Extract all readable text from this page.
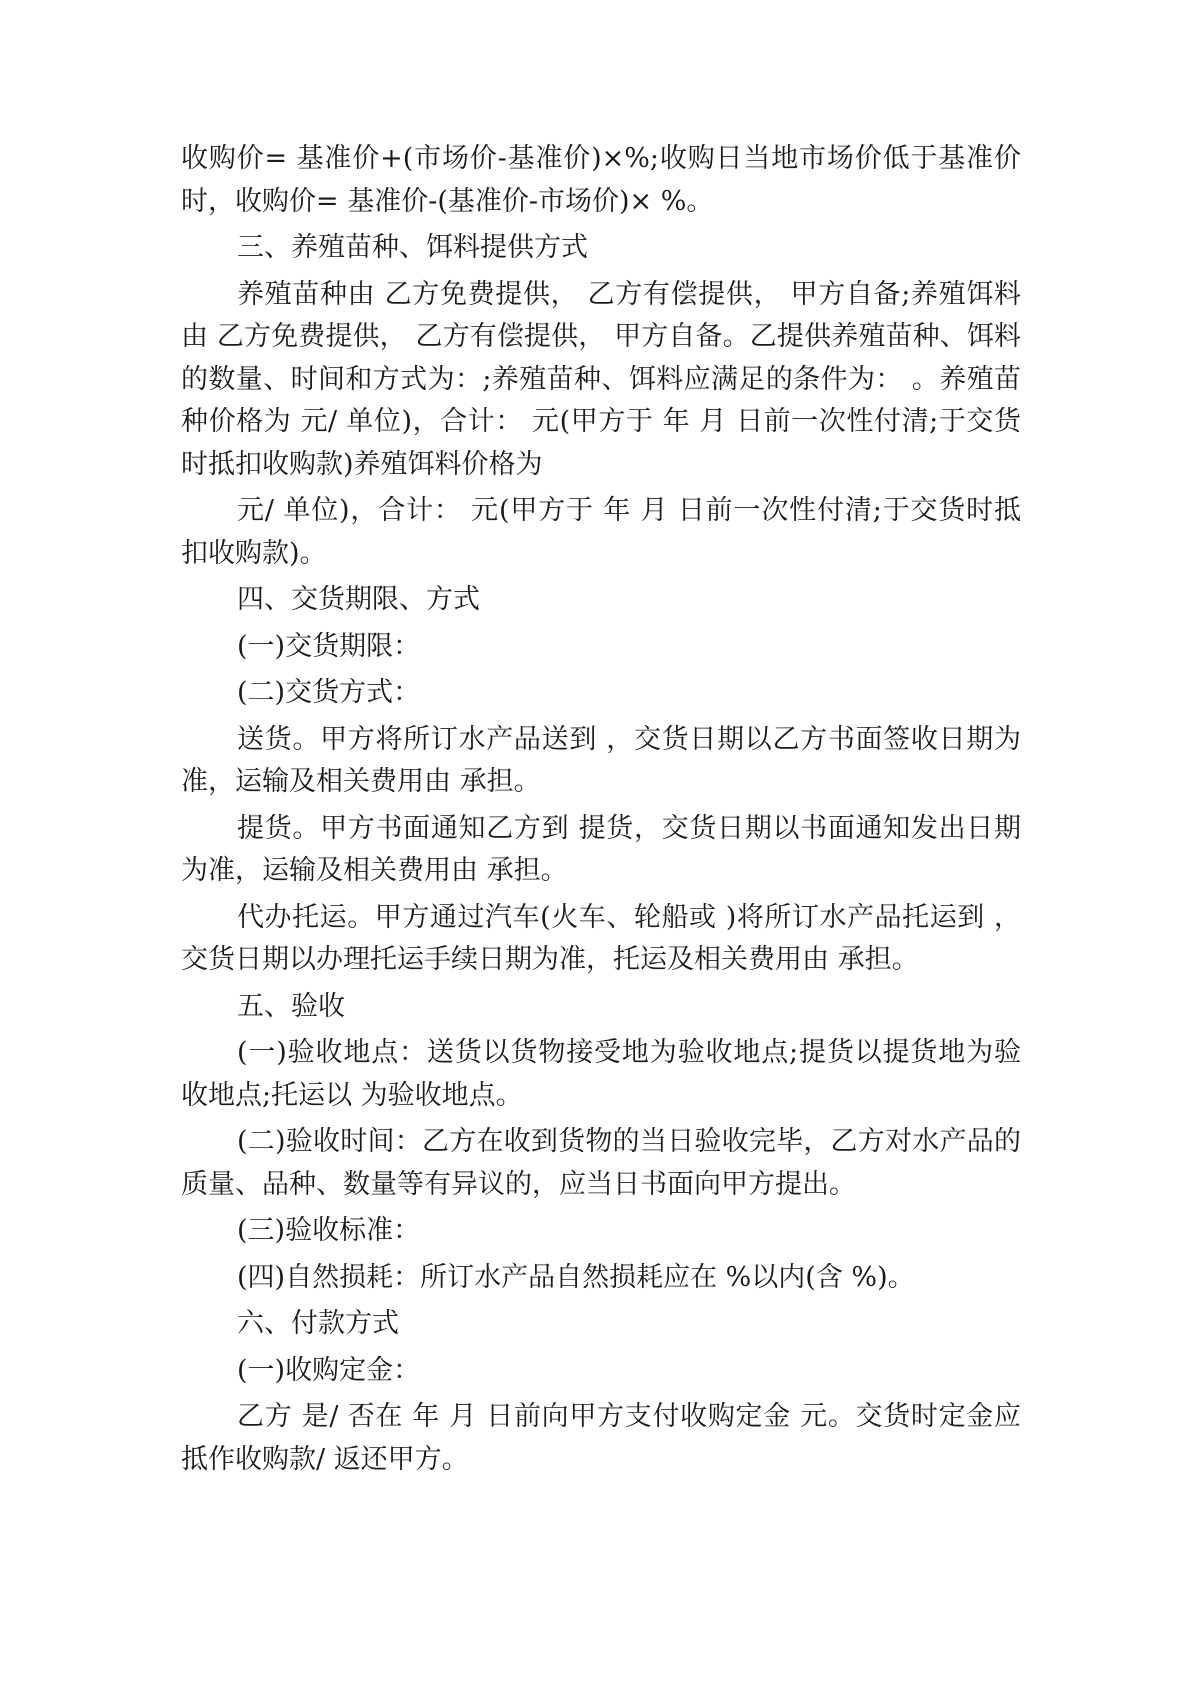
收购价= 基准价+(市场价-基准价)×%;收购日当地市场价低于基准价时，收购价= 基准价-(基准价-市场价)× %。

三、养殖苗种、饵料提供方式

养殖苗种由 乙方免费提供， 乙方有偿提供， 甲方自备;养殖饵料由 乙方免费提供， 乙方有偿提供， 甲方自备。乙提供养殖苗种、饵料的数量、时间和方式为：;养殖苗种、饵料应满足的条件为： 。养殖苗种价格为 元/ 单位)，合计： 元(甲方于 年 月 日前一次性付清;于交货时抵扣收购款)养殖饵料价格为

元/ 单位)，合计： 元(甲方于 年 月 日前一次性付清;于交货时抵扣收购款)。

四、交货期限、方式

(一)交货期限：

(二)交货方式：

送货。甲方将所订水产品送到 ，交货日期以乙方书面签收日期为准，运输及相关费用由 承担。

提货。甲方书面通知乙方到 提货，交货日期以书面通知发出日期为准，运输及相关费用由 承担。

代办托运。甲方通过汽车(火车、轮船或 )将所订水产品托运到 ，交货日期以办理托运手续日期为准，托运及相关费用由 承担。

五、验收

(一)验收地点：送货以货物接受地为验收地点;提货以提货地为验收地点;托运以 为验收地点。

(二)验收时间：乙方在收到货物的当日验收完毕，乙方对水产品的质量、品种、数量等有异议的，应当日书面向甲方提出。

(三)验收标准：

(四)自然损耗：所订水产品自然损耗应在 %以内(含 %)。

六、付款方式

(一)收购定金：

乙方 是/ 否在 年 月 日前向甲方支付收购定金 元。交货时定金应抵作收购款/ 返还甲方。
